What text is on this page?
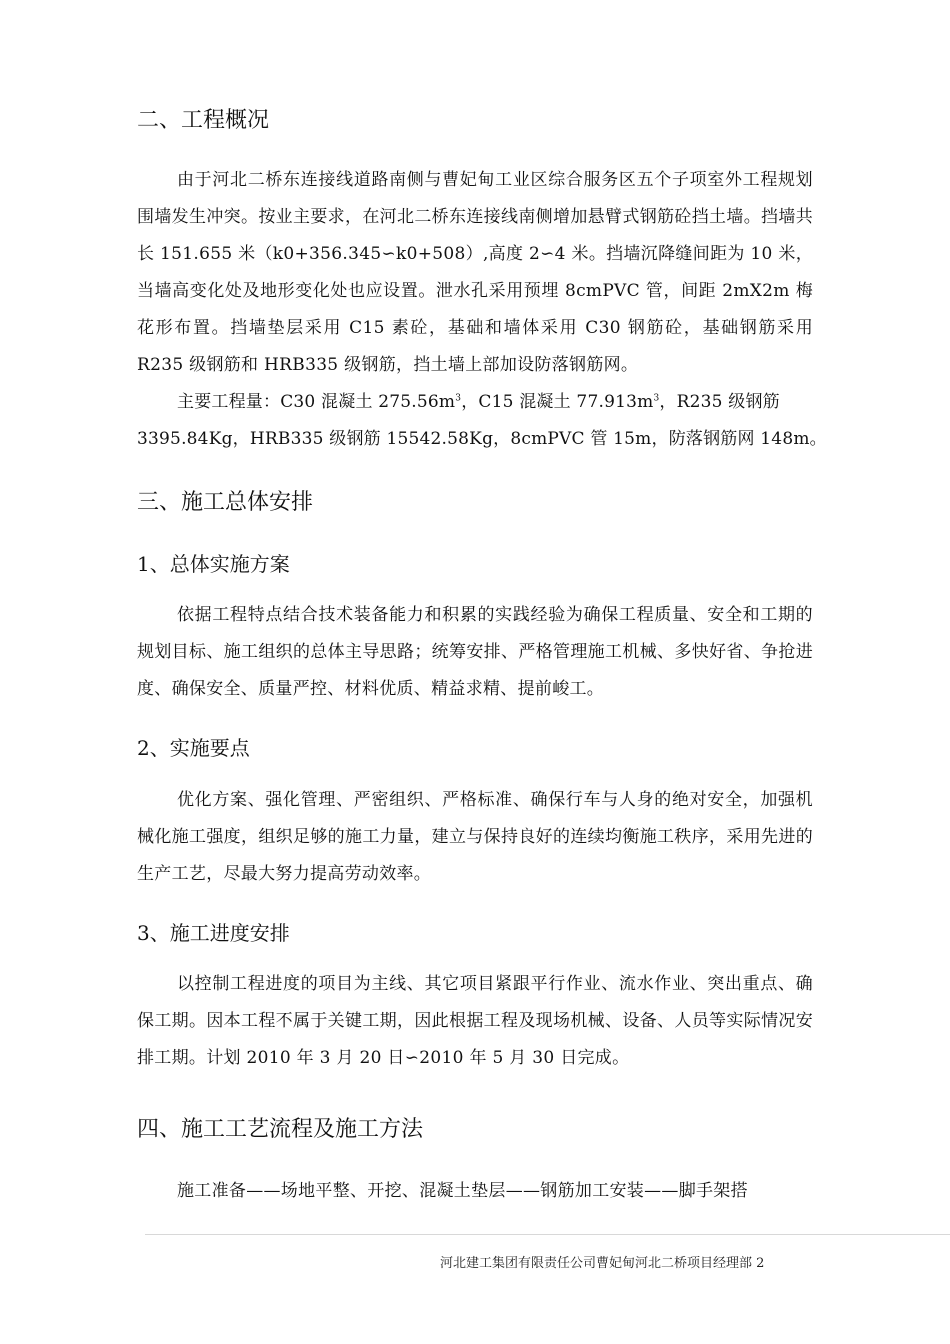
二、工程概况

由于河北二桥东连接线道路南侧与曹妃甸工业区综合服务区五个子项室外工程规划围墙发生冲突。按业主要求，在河北二桥东连接线南侧增加悬臂式钢筋砼挡土墙。挡墙共长 151.655 米（k0+356.345∽k0+508）,高度 2∽4 米。挡墙沉降缝间距为 10 米，当墙高变化处及地形变化处也应设置。泄水孔采用预埋 8cmPVC 管，间距 2mX2m 梅花形布置。挡墙垫层采用 C15 素砼，基础和墙体采用 C30 钢筋砼，基础钢筋采用 R235 级钢筋和 HRB335 级钢筋，挡土墙上部加设防落钢筋网。

主要工程量：C30 混凝土 $275.56m^3$，C15 混凝土 $77.913m^3$，R235 级钢筋
3395.84Kg，HRB335 级钢筋 15542.58Kg，8cmPVC 管 15m，防落钢筋网 148m。
三、施工总体安排
1、总体实施方案

依据工程特点结合技术装备能力和积累的实践经验为确保工程质量、安全和工期的规划目标、施工组织的总体主导思路；统筹安排、严格管理施工机械、多快好省、争抢进度、确保安全、质量严控、材料优质、精益求精、提前峻工。

2、实施要点

优化方案、强化管理、严密组织、严格标准、确保行车与人身的绝对安全，加强机械化施工强度，组织足够的施工力量，建立与保持良好的连续均衡施工秩序，采用先进的生产工艺，尽最大努力提高劳动效率。

3、施工进度安排

以控制工程进度的项目为主线、其它项目紧跟平行作业、流水作业、突出重点、确保工期。因本工程不属于关键工期，因此根据工程及现场机械、设备、人员等实际情况安排工期。计划 2010 年 3 月 20 日∽2010 年 5 月 30 日完成。

四、施工工艺流程及施工方法

施工准备——场地平整、开挖、混凝土垫层——钢筋加工安装——脚手架搭

河北建工集团有限责任公司曹妃甸河北二桥项目经理部 2
